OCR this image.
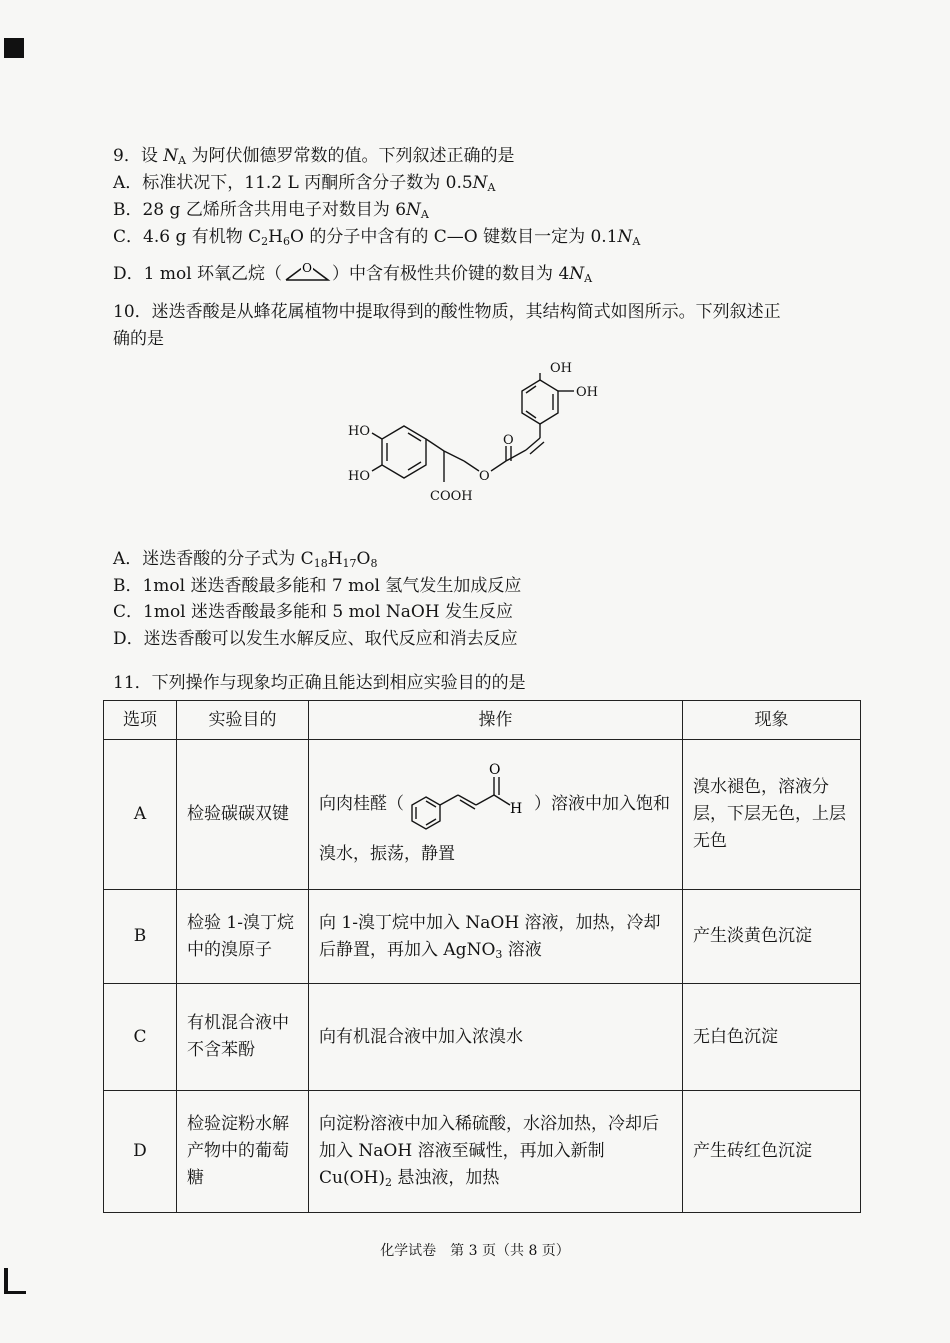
9．设 $N_A$ 为阿伏伽德罗常数的值。下列叙述正确的是
A．标准状况下，11.2 L 丙酮所含分子数为 $0.5N_A$
B．28 g 乙烯所含共用电子对数目为 $6N_A$
C．4.6 g 有机物 $C_2H_6O$ 的分子中含有的 C—O 键数目一定为 $0.1N_A$
D．1 mol 环氧乙烷（ O ）中含有极性共价键的数目为 $4N_A$
10．迷迭香酸是从蜂花属植物中提取得到的酸性物质，其结构简式如图所示。下列叙述正
确的是
OH
OH
HO
HO
O
O
COOH
A．迷迭香酸的分子式为 $C_{18}H_{17}O_8$
B．1mol 迷迭香酸最多能和 7 mol 氢气发生加成反应
C．1mol 迷迭香酸最多能和 5 mol NaOH 发生反应
D．迷迭香酸可以发生水解反应、取代反应和消去反应
11．下列操作与现象均正确且能达到相应实验目的的是
选项	实验目的	操作	现象
A	检验碳碳双键	向肉桂醛（
O
H ）溶液中加入饱和
溴水，振荡，静置	溴水褪色，溶液分层，下层无色，上层无色
B	检验 1-溴丁烷中的溴原子	向 1-溴丁烷中加入 NaOH 溶液，加热，冷却后静置，再加入 AgNO$_3$ 溶液	产生淡黄色沉淀
C	有机混合液中不含苯酚	向有机混合液中加入浓溴水	无白色沉淀
D	检验淀粉水解产物中的葡萄糖	向淀粉溶液中加入稀硫酸，水浴加热，冷却后加入 NaOH 溶液至碱性，再加入新制 $Cu(OH)_2$ 悬浊液，加热	产生砖红色沉淀
化学试卷　第 3 页（共 8 页）
